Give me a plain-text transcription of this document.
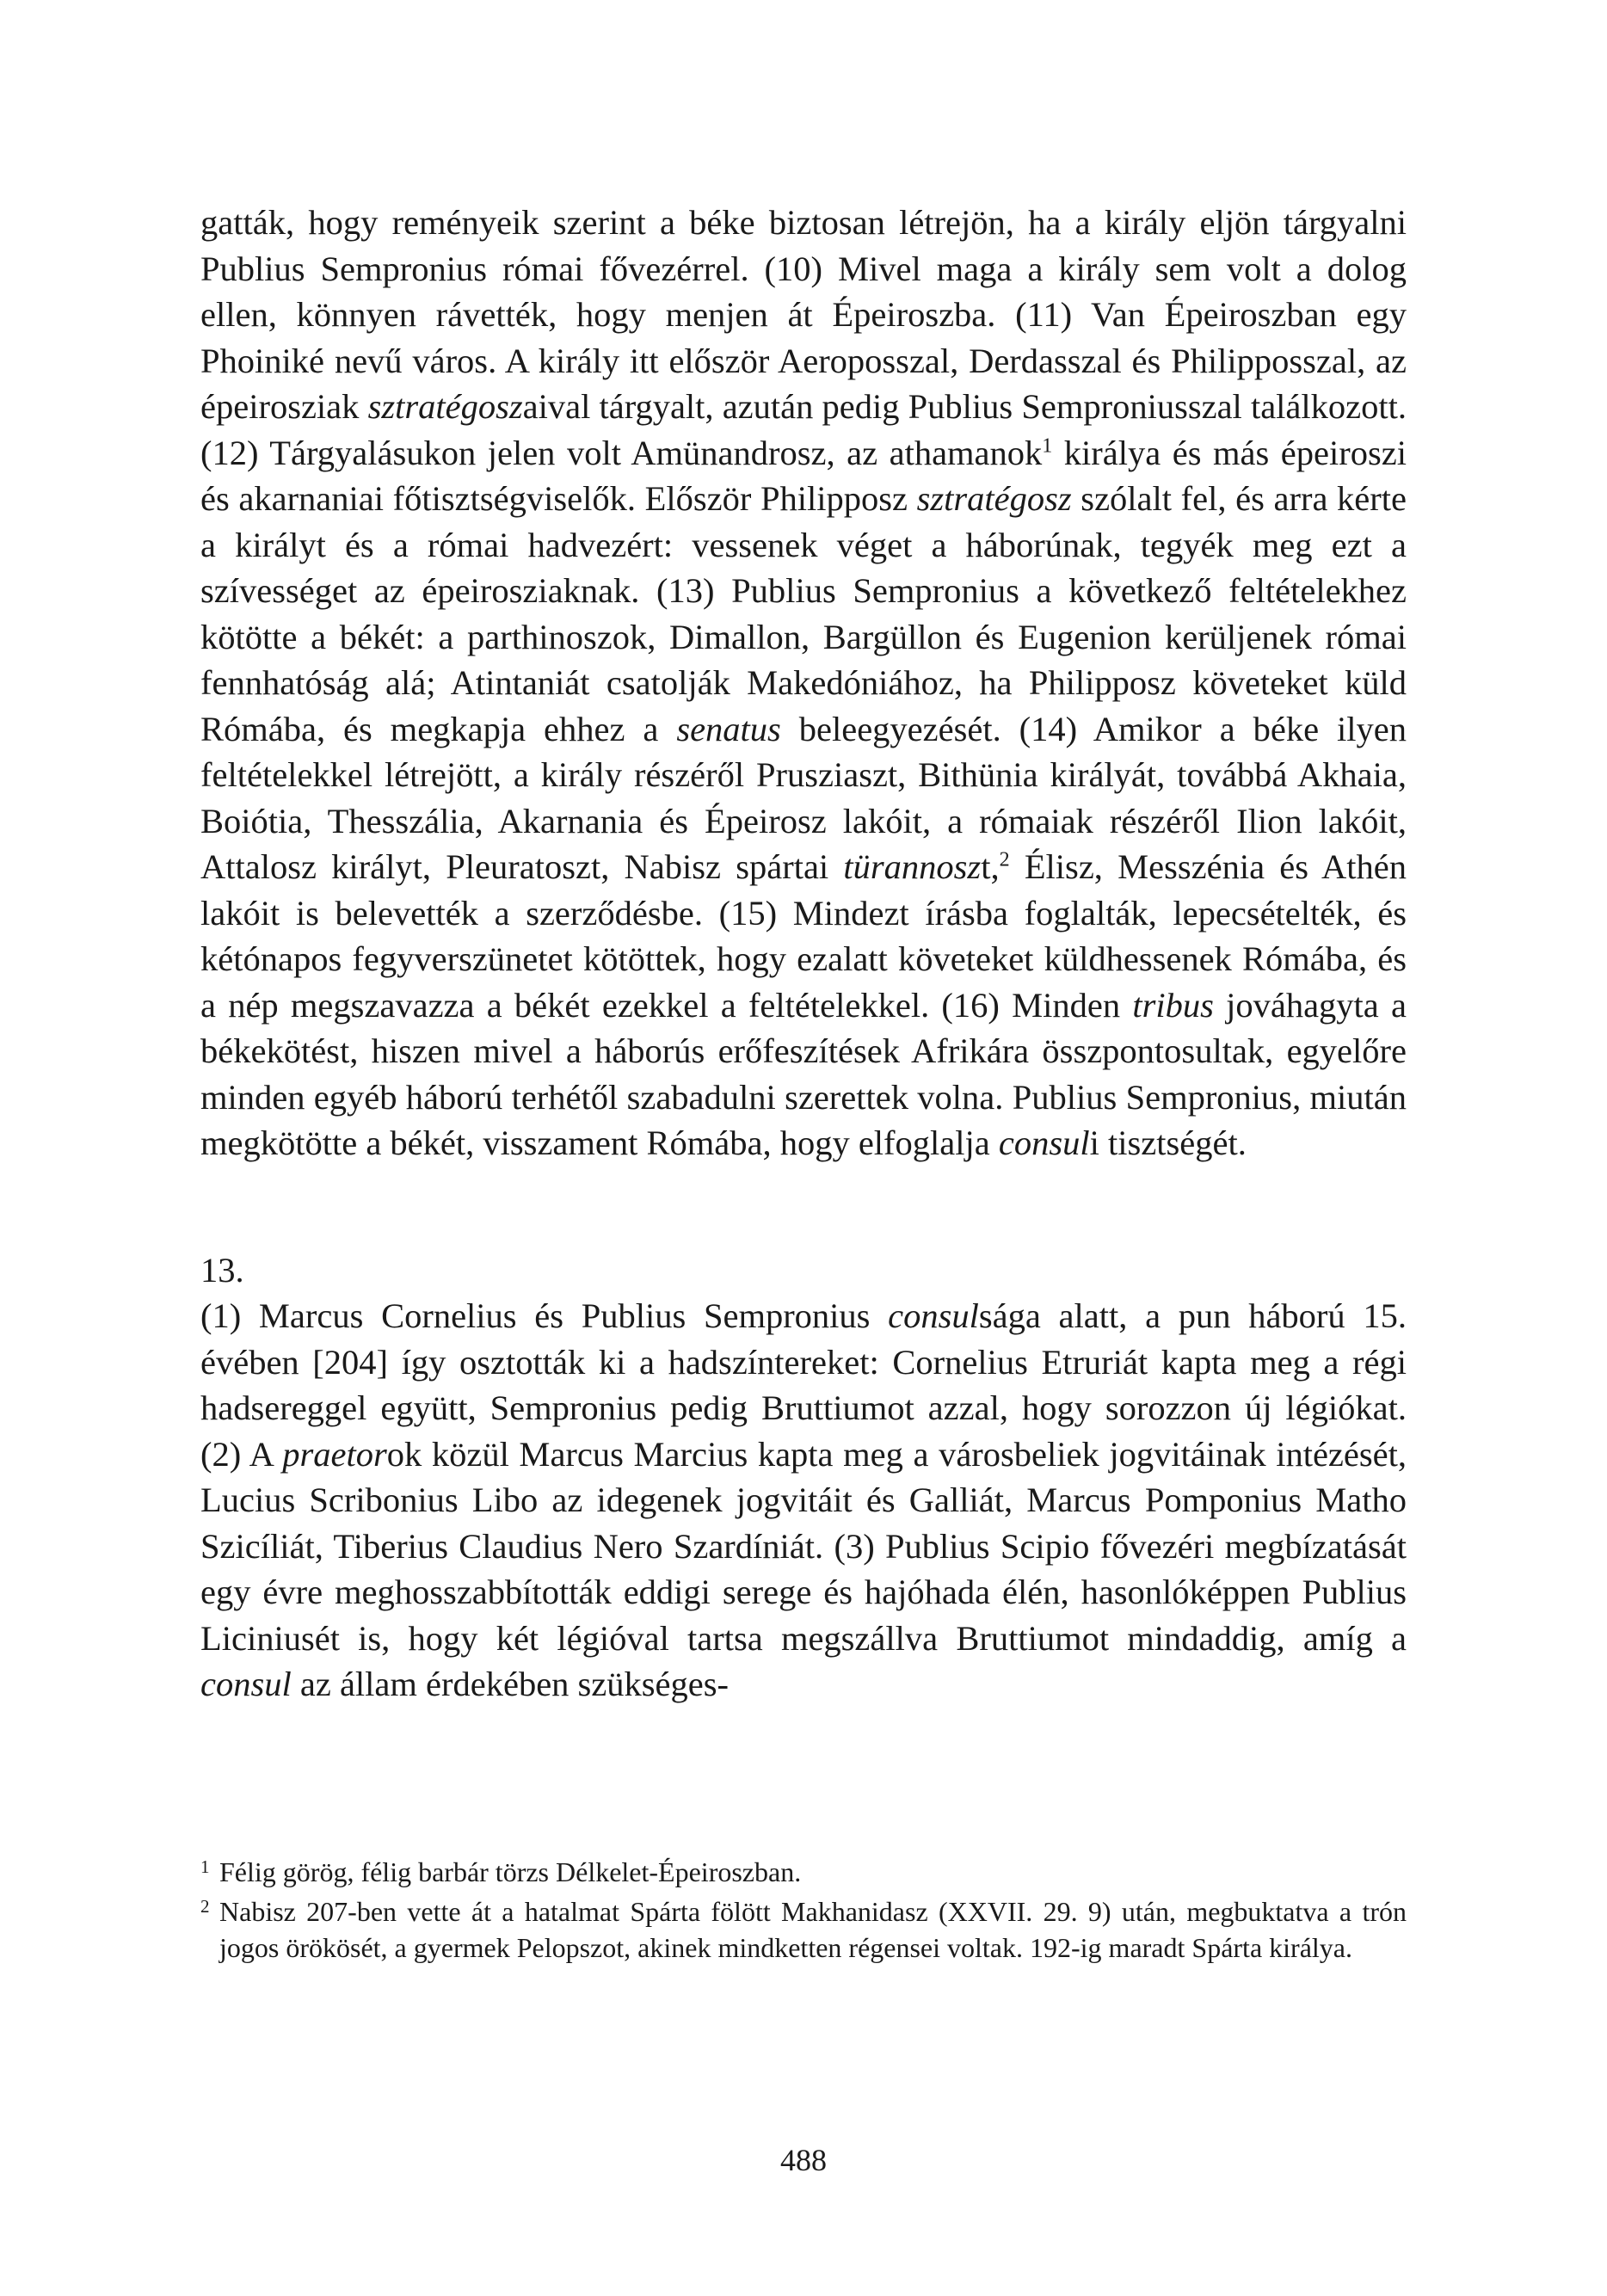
gatták, hogy reményeik szerint a béke biztosan létrejön, ha a király eljön tárgyalni Publius Sempronius római fővezérrel. (10) Mivel maga a király sem volt a dolog ellen, könnyen rávették, hogy menjen át Épeiroszba. (11) Van Épeiroszban egy Phoiniké nevű város. A király itt először Aeroposszal, Derdasszal és Philipposszal, az épeirosziak sztratégoszaival tárgyalt, azután pedig Publius Semproniusszal találkozott. (12) Tárgyalásukon jelen volt Amünandrosz, az athamanok$^1$ királya és más épeiroszi és akarnaniai főtisztségviselők. Először Philipposz sztratégosz szólalt fel, és arra kérte a királyt és a római hadvezért: vessenek véget a háborúnak, tegyék meg ezt a szívességet az épeirosziaknak. (13) Publius Sempronius a következő feltételekhez kötötte a békét: a parthinoszok, Dimallon, Bargüllon és Eugenion kerüljenek római fennhatóság alá; Atintaniát csatolják Makedóniához, ha Philipposz követeket küld Rómába, és megkapja ehhez a senatus beleegyezését. (14) Amikor a béke ilyen feltételekkel létrejött, a király részéről Prusziaszt, Bithünia királyát, továbbá Akhaia, Boiótia, Thesszália, Akarnania és Épeirosz lakóit, a rómaiak részéről Ilion lakóit, Attalosz királyt, Pleuratoszt, Nabisz spártai türannoszt,$^2$ Élisz, Messzénia és Athén lakóit is belevették a szerződésbe. (15) Mindezt írásba foglalták, lepecsételték, és kétónapos fegyverszünetet kötöttek, hogy ezalatt követeket küldhessenek Rómába, és a nép megszavazza a békét ezekkel a feltételekkel. (16) Minden tribus jováhagyta a békekötést, hiszen mivel a háborús erőfeszítések Afrikára összpontosultak, egyelőre minden egyéb háború terhétől szabadulni szerettek volna. Publius Sempronius, miután megkötötte a békét, visszament Rómába, hogy elfoglalja consuli tisztségét.

13.

(1) Marcus Cornelius és Publius Sempronius consulsága alatt, a pun háború 15. évében [204] így osztották ki a hadszíntereket: Cornelius Etruriát kapta meg a régi hadsereggel együtt, Sempronius pedig Bruttiumot azzal, hogy sorozzon új légiókat. (2) A praetorok közül Marcus Marcius kapta meg a városbeliek jogvitáinak intézését, Lucius Scribonius Libo az idegenek jogvitáit és Galliát, Marcus Pomponius Matho Szicíliát, Tiberius Claudius Nero Szardíniát. (3) Publius Scipio fővezéri megbízatását egy évre meghosszabbították eddigi serege és hajóhada élén, hasonlóképpen Publius Liciniusét is, hogy két légióval tartsa megszállva Bruttiumot mindaddig, amíg a consul az állam érdekében szükséges-

1 Félig görög, félig barbár törzs Délkelet-Épeiroszban.
2 Nabisz 207-ben vette át a hatalmat Spárta fölött Makhanidasz (XXVII. 29. 9) után, megbuktatva a trón jogos örökösét, a gyermek Pelopszot, akinek mindketten régensei voltak. 192-ig maradt Spárta királya.
488
